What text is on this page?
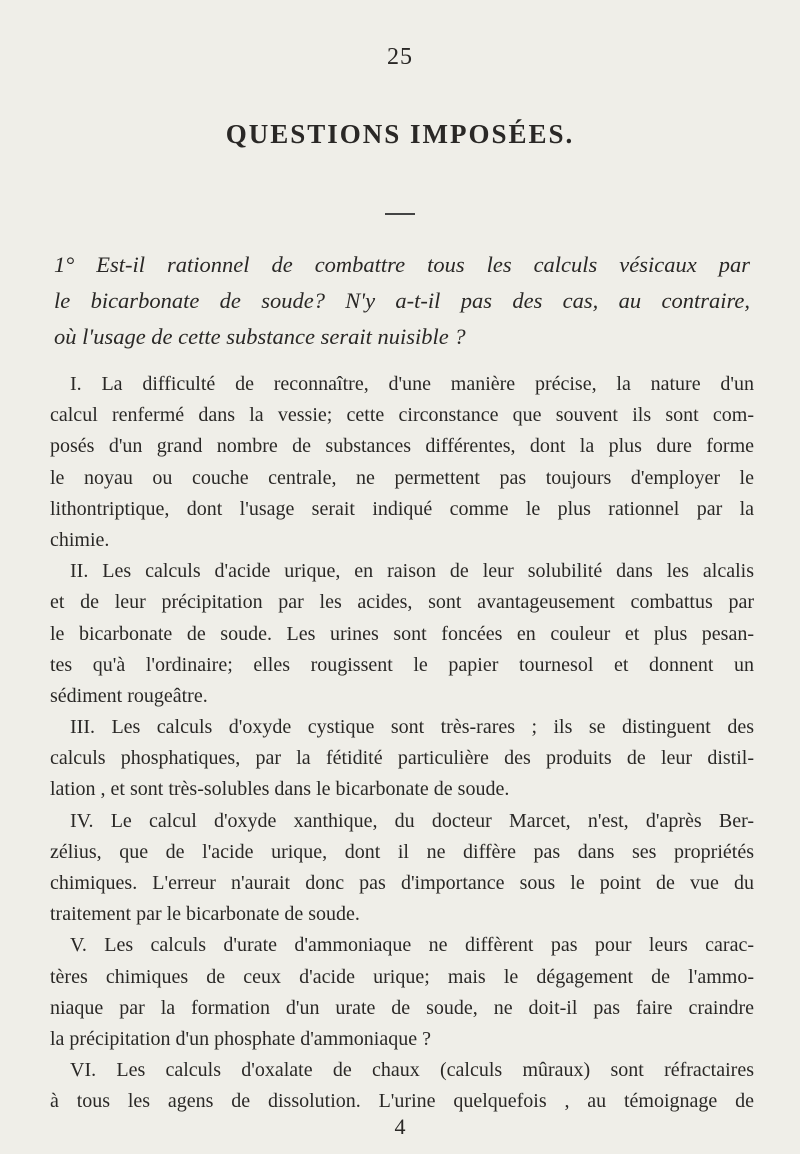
25
QUESTIONS IMPOSÉES.
1° Est-il rationnel de combattre tous les calculs vésicaux par
le bicarbonate de soude? N'y a-t-il pas des cas, au contraire,
où l'usage de cette substance serait nuisible ?
I. La difficulté de reconnaître, d'une manière précise, la nature d'un
calcul renfermé dans la vessie; cette circonstance que souvent ils sont com-
posés d'un grand nombre de substances différentes, dont la plus dure forme
le noyau ou couche centrale, ne permettent pas toujours d'employer le
lithontriptique, dont l'usage serait indiqué comme le plus rationnel par la
chimie.
II. Les calculs d'acide urique, en raison de leur solubilité dans les alcalis
et de leur précipitation par les acides, sont avantageusement combattus par
le bicarbonate de soude. Les urines sont foncées en couleur et plus pesan-
tes qu'à l'ordinaire; elles rougissent le papier tournesol et donnent un
sédiment rougeâtre.
III. Les calculs d'oxyde cystique sont très-rares ; ils se distinguent des
calculs phosphatiques, par la fétidité particulière des produits de leur distil-
lation , et sont très-solubles dans le bicarbonate de soude.
IV. Le calcul d'oxyde xanthique, du docteur Marcet, n'est, d'après Ber-
zélius, que de l'acide urique, dont il ne diffère pas dans ses propriétés
chimiques. L'erreur n'aurait donc pas d'importance sous le point de vue du
traitement par le bicarbonate de soude.
V. Les calculs d'urate d'ammoniaque ne diffèrent pas pour leurs carac-
tères chimiques de ceux d'acide urique; mais le dégagement de l'ammo-
niaque par la formation d'un urate de soude, ne doit-il pas faire craindre
la précipitation d'un phosphate d'ammoniaque ?
VI. Les calculs d'oxalate de chaux (calculs mûraux) sont réfractaires
à tous les agens de dissolution. L'urine quelquefois , au témoignage de
4
